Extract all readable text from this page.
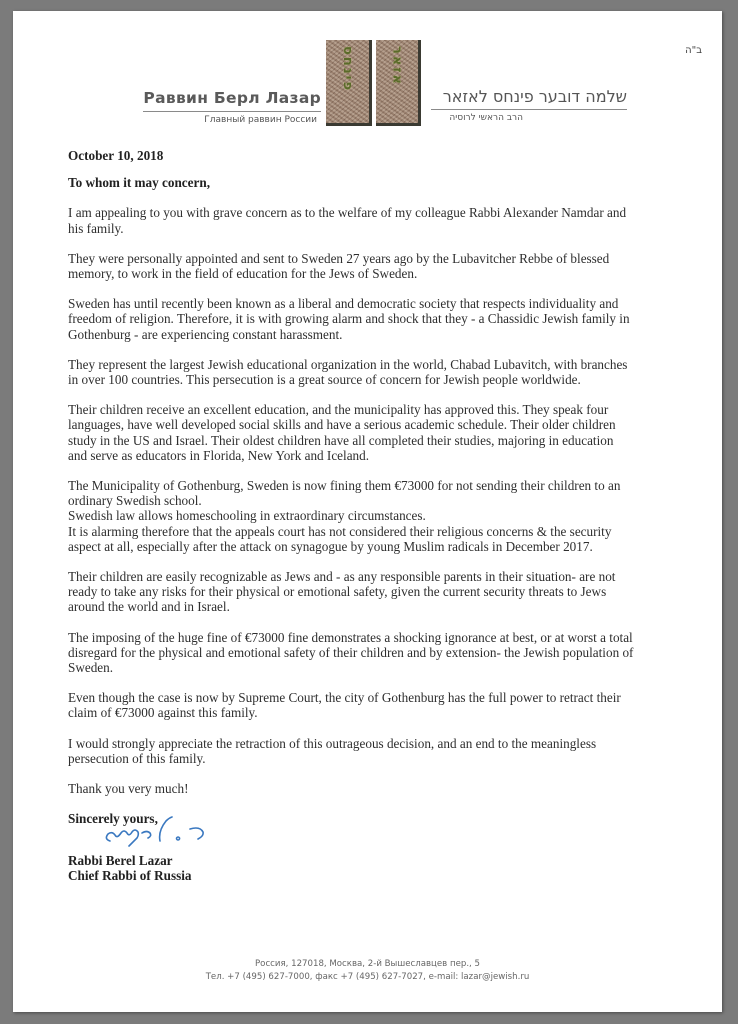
ב"ה
Раввин Берл Лазар
Главный раввин России
פינחס	אזאר
שלמה דובער פינחס לאזאר
הרב הראשי לרוסיה

October 10, 2018

To whom it may concern,

I am appealing to you with grave concern as to the welfare of my colleague Rabbi Alexander Namdar and
his family.

They were personally appointed and sent to Sweden 27 years ago by the Lubavitcher Rebbe of blessed
memory, to work in the field of education for the Jews of Sweden.

Sweden has until recently been known as a liberal and democratic society that respects individuality and
freedom of religion. Therefore, it is with growing alarm and shock that they - a Chassidic Jewish family in
Gothenburg - are experiencing constant harassment.

They represent the largest Jewish educational organization in the world, Chabad Lubavitch, with branches
in over 100 countries. This persecution is a great source of concern for Jewish people worldwide.

Their children receive an excellent education, and the municipality has approved this. They speak four
languages, have well developed social skills and have a serious academic schedule. Their older children
study in the US and Israel. Their oldest children have all completed their studies, majoring in education
and serve as educators in Florida, New York and Iceland.

The Municipality of Gothenburg, Sweden is now fining them €73000 for not sending their children to an
ordinary Swedish school.
Swedish law allows homeschooling in extraordinary circumstances.
It is alarming therefore that the appeals court has not considered their religious concerns & the security
aspect at all, especially after the attack on synagogue by young Muslim radicals in December 2017.

Their children are easily recognizable as Jews and - as any responsible parents in their situation- are not
ready to take any risks for their physical or emotional safety, given the current security threats to Jews
around the world and in Israel.

The imposing of the huge fine of €73000 fine demonstrates a shocking ignorance at best, or at worst a total
disregard for the physical and emotional safety of their children and by extension- the Jewish population of
Sweden.

Even though the case is now by Supreme Court, the city of Gothenburg has the full power to retract their
claim of €73000 against this family.

I would strongly appreciate the retraction of this outrageous decision, and an end to the meaningless
persecution of this family.

Thank you very much!

Sincerely yours,
Rabbi Berel Lazar
Chief Rabbi of Russia
Россия, 127018, Москва, 2-й Вышеславцев пер., 5
Тел. +7 (495) 627-7000, факс +7 (495) 627-7027, e-mail: lazar@jewish.ru
